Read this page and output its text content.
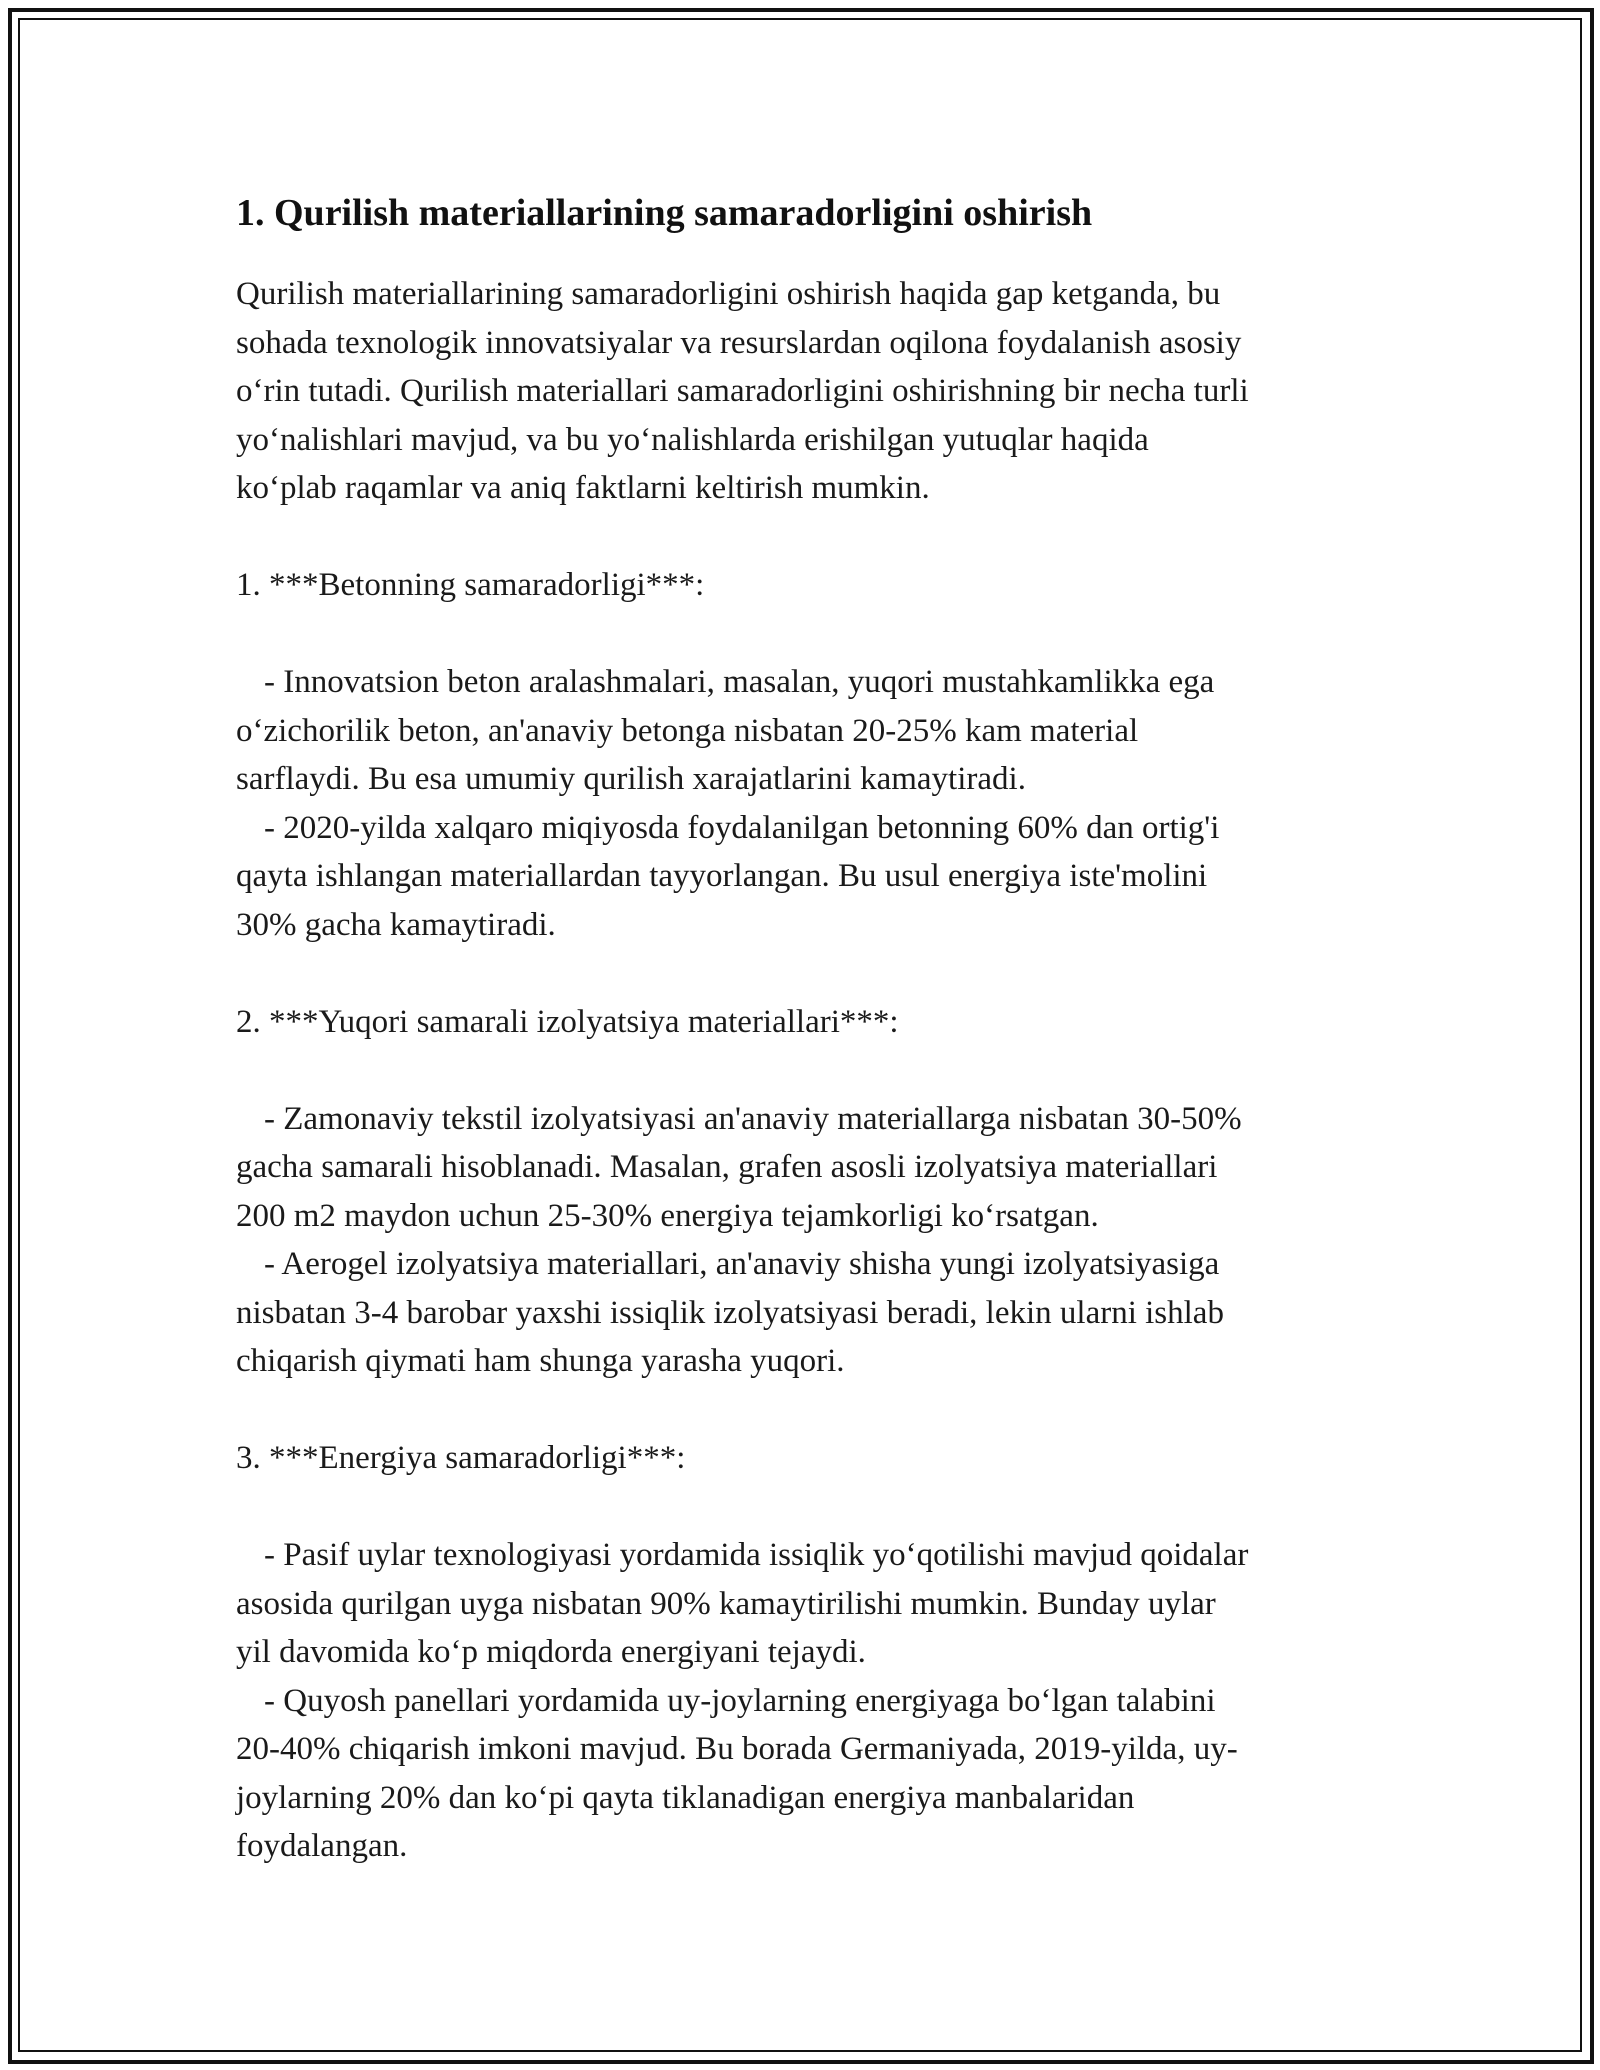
1. Qurilish materiallarining samaradorligini oshirish

Qurilish materiallarining samaradorligini oshirish haqida gap ketganda, bu
sohada texnologik innovatsiyalar va resurslardan oqilona foydalanish asosiy
o‘rin tutadi. Qurilish materiallari samaradorligini oshirishning bir necha turli
yo‘nalishlari mavjud, va bu yo‘nalishlarda erishilgan yutuqlar haqida
ko‘plab raqamlar va aniq faktlarni keltirish mumkin.

1. ***Betonning samaradorligi***:

- Innovatsion beton aralashmalari, masalan, yuqori mustahkamlikka ega
o‘zichorilik beton, an'anaviy betonga nisbatan 20-25% kam material
sarflaydi. Bu esa umumiy qurilish xarajatlarini kamaytiradi.

- 2020-yilda xalqaro miqiyosda foydalanilgan betonning 60% dan ortig'i
qayta ishlangan materiallardan tayyorlangan. Bu usul energiya iste'molini
30% gacha kamaytiradi.

2. ***Yuqori samarali izolyatsiya materiallari***:

- Zamonaviy tekstil izolyatsiyasi an'anaviy materiallarga nisbatan 30-50%
gacha samarali hisoblanadi. Masalan, grafen asosli izolyatsiya materiallari
200 m2 maydon uchun 25-30% energiya tejamkorligi ko‘rsatgan.

- Aerogel izolyatsiya materiallari, an'anaviy shisha yungi izolyatsiyasiga
nisbatan 3-4 barobar yaxshi issiqlik izolyatsiyasi beradi, lekin ularni ishlab
chiqarish qiymati ham shunga yarasha yuqori.

3. ***Energiya samaradorligi***:

- Pasif uylar texnologiyasi yordamida issiqlik yo‘qotilishi mavjud qoidalar
asosida qurilgan uyga nisbatan 90% kamaytirilishi mumkin. Bunday uylar
yil davomida ko‘p miqdorda energiyani tejaydi.

- Quyosh panellari yordamida uy-joylarning energiyaga bo‘lgan talabini
20-40% chiqarish imkoni mavjud. Bu borada Germaniyada, 2019-yilda, uy-
joylarning 20% dan ko‘pi qayta tiklanadigan energiya manbalaridan
foydalangan.
